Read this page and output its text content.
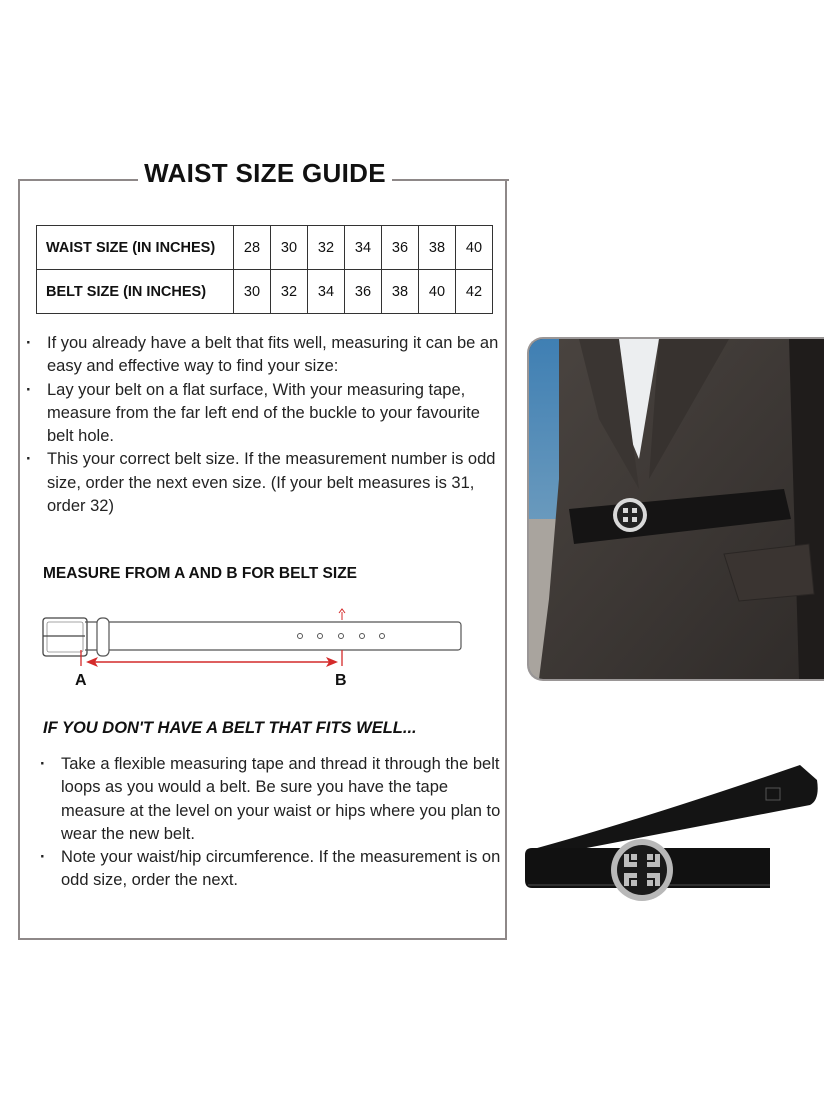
WAIST SIZE GUIDE
WAIST SIZE (IN INCHES)	28	30	32	34	36	38	40
BELT SIZE (IN INCHES)	30	32	34	36	38	40	42
· If you already have a belt that fits well, measuring it can be an easy and effective way to find your size:
· Lay your belt on a flat surface, With your measuring tape, measure from the far left end of the buckle to your favourite belt hole.
· This your correct belt size. If the measurement number is odd size, order the next even size. (If your belt measures is 31, order 32)
MEASURE FROM A AND B FOR BELT SIZE
A	B
IF YOU DON'T HAVE A BELT THAT FITS WELL...
· Take a flexible measuring tape and thread it through the belt loops as you would a belt. Be sure you have the tape measure at the level on your waist or hips where you plan to wear the new belt.
· Note your waist/hip circumference. If the measurement is on odd size, order the next.
